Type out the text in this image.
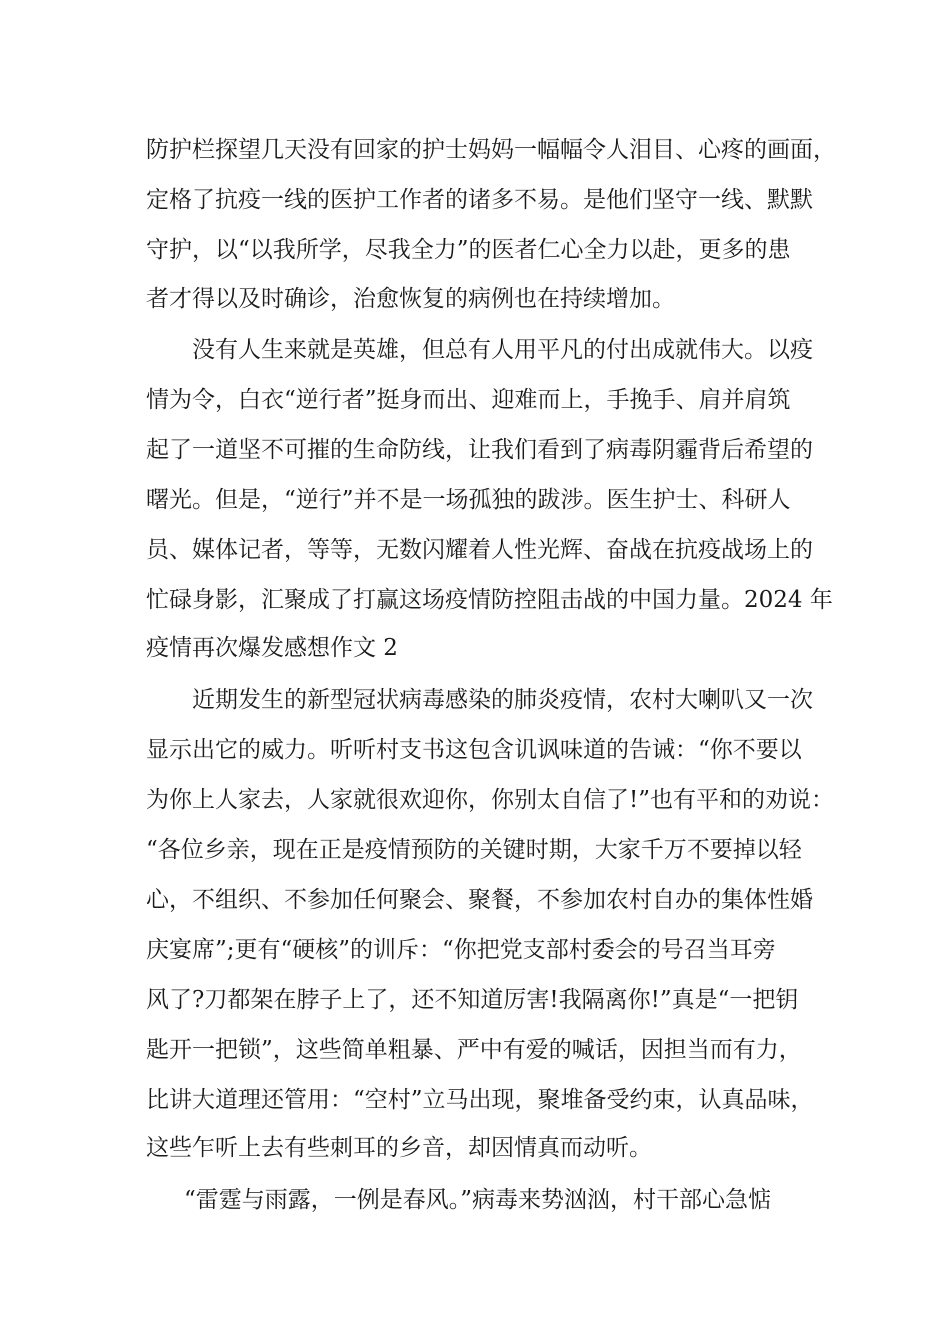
防护栏探望几天没有回家的护士妈妈一幅幅令人泪目、心疼的画面，
定格了抗疫一线的医护工作者的诸多不易。是他们坚守一线、默默
守护，以“以我所学，尽我全力”的医者仁心全力以赴，更多的患
者才得以及时确诊，治愈恢复的病例也在持续增加。
没有人生来就是英雄，但总有人用平凡的付出成就伟大。以疫
情为令，白衣“逆行者”挺身而出、迎难而上，手挽手、肩并肩筑
起了一道坚不可摧的生命防线，让我们看到了病毒阴霾背后希望的
曙光。但是，“逆行”并不是一场孤独的跋涉。医生护士、科研人
员、媒体记者，等等，无数闪耀着人性光辉、奋战在抗疫战场上的
忙碌身影，汇聚成了打赢这场疫情防控阻击战的中国力量。2024 年
疫情再次爆发感想作文 2
近期发生的新型冠状病毒感染的肺炎疫情，农村大喇叭又一次
显示出它的威力。听听村支书这包含讥讽味道的告诫：“你不要以
为你上人家去，人家就很欢迎你，你别太自信了!”也有平和的劝说：
“各位乡亲，现在正是疫情预防的关键时期，大家千万不要掉以轻
心，不组织、不参加任何聚会、聚餐，不参加农村自办的集体性婚
庆宴席”;更有“硬核”的训斥：“你把党支部村委会的号召当耳旁
风了?刀都架在脖子上了，还不知道厉害!我隔离你!”真是“一把钥
匙开一把锁”，这些简单粗暴、严中有爱的喊话，因担当而有力，
比讲大道理还管用：“空村”立马出现，聚堆备受约束，认真品味，
这些乍听上去有些刺耳的乡音，却因情真而动听。
“雷霆与雨露，一例是春风。”病毒来势汹汹，村干部心急惦
